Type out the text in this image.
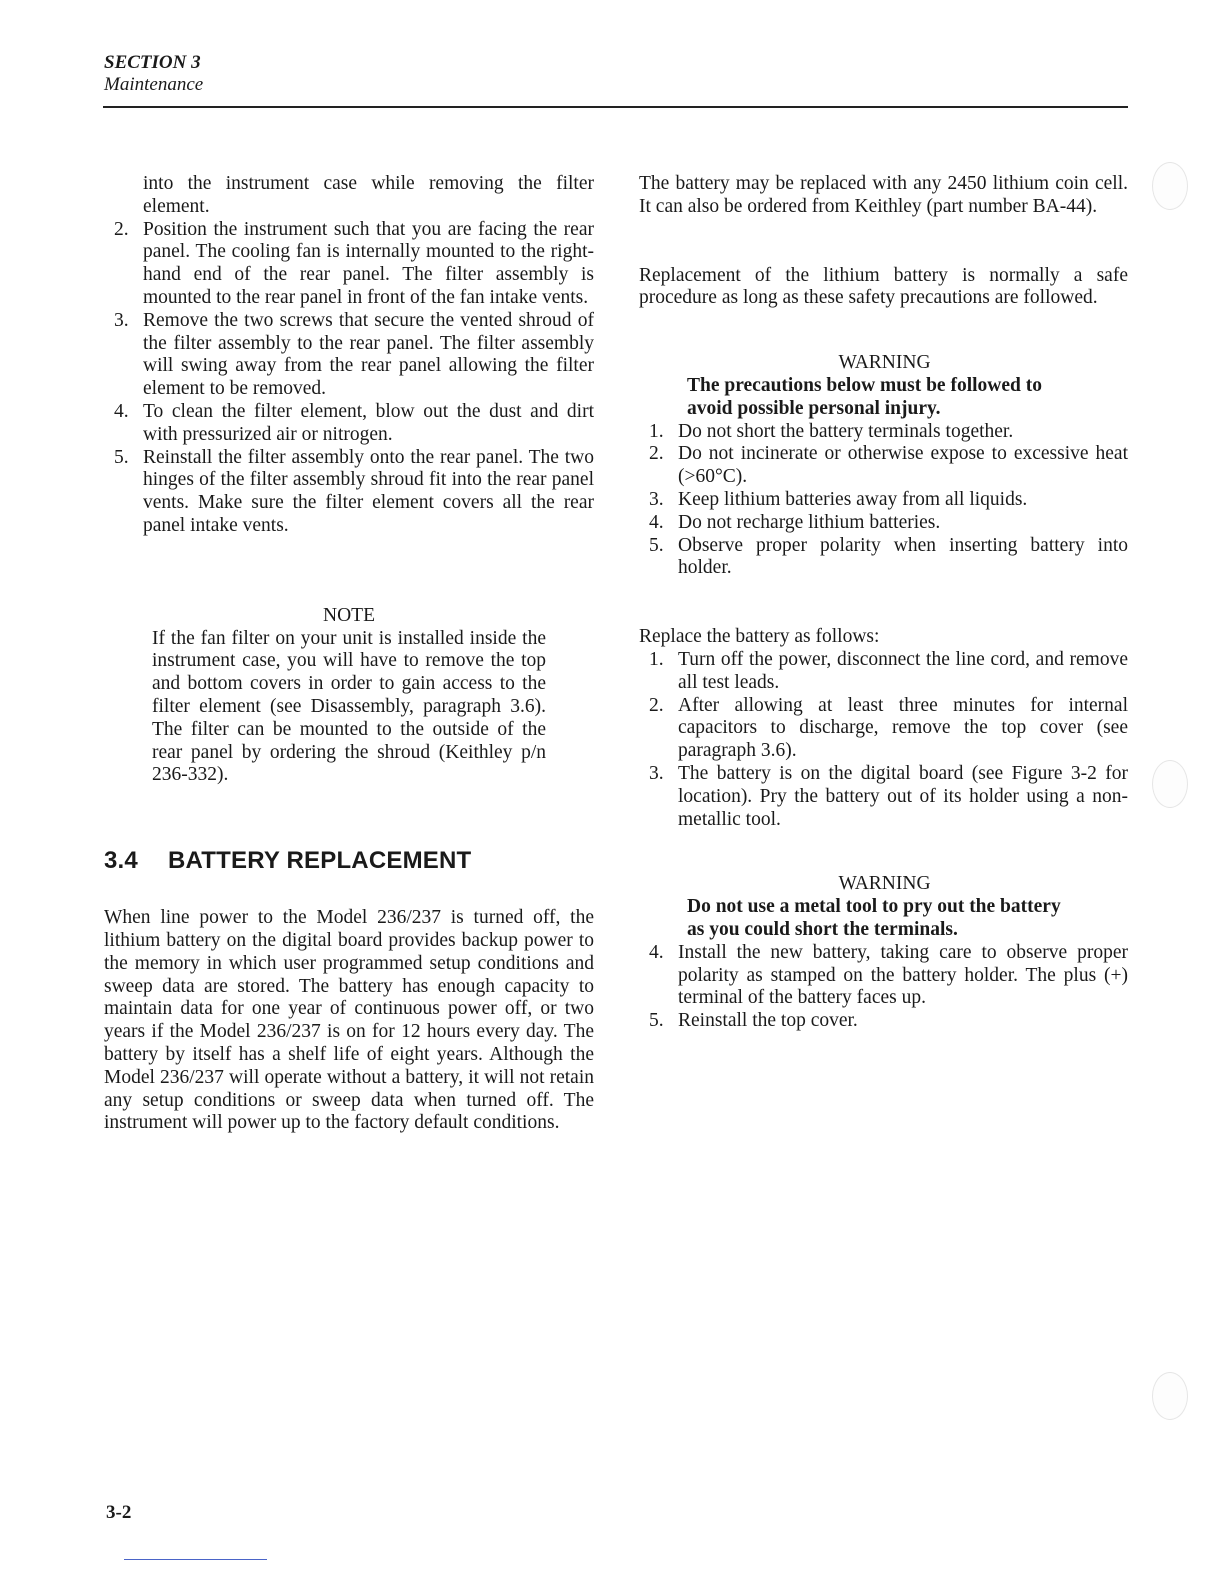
SECTION 3
Maintenance

into the instrument case while removing the filter element.

2. Position the instrument such that you are facing the rear panel. The cooling fan is internally mounted to the right-hand end of the rear panel. The filter assembly is mounted to the rear panel in front of the fan intake vents.
3. Remove the two screws that secure the vented shroud of the filter assembly to the rear panel. The filter assembly will swing away from the rear panel allowing the filter element to be removed.
4. To clean the filter element, blow out the dust and dirt with pressurized air or nitrogen.
5. Reinstall the filter assembly onto the rear panel. The two hinges of the filter assembly shroud fit into the rear panel vents. Make sure the filter element covers all the rear panel intake vents.
NOTE

If the fan filter on your unit is installed inside the instrument case, you will have to remove the top and bottom covers in order to gain access to the filter element (see Disassembly, paragraph 3.6). The filter can be mounted to the outside of the rear panel by ordering the shroud (Keithley p/n 236-332).

3.4 BATTERY REPLACEMENT

When line power to the Model 236/237 is turned off, the lithium battery on the digital board provides backup power to the memory in which user programmed setup conditions and sweep data are stored. The battery has enough capacity to maintain data for one year of continuous power off, or two years if the Model 236/237 is on for 12 hours every day. The battery by itself has a shelf life of eight years. Although the Model 236/237 will operate without a battery, it will not retain any setup conditions or sweep data when turned off. The instrument will power up to the factory default conditions.

The battery may be replaced with any 2450 lithium coin cell. It can also be ordered from Keithley (part number BA-44).

Replacement of the lithium battery is normally a safe procedure as long as these safety precautions are followed.

WARNING
The precautions below must be followed to avoid possible personal injury.
1. Do not short the battery terminals together.
2. Do not incinerate or otherwise expose to excessive heat (>60°C).
3. Keep lithium batteries away from all liquids.
4. Do not recharge lithium batteries.
5. Observe proper polarity when inserting battery into holder.

Replace the battery as follows:

1. Turn off the power, disconnect the line cord, and remove all test leads.
2. After allowing at least three minutes for internal capacitors to discharge, remove the top cover (see paragraph 3.6).
3. The battery is on the digital board (see Figure 3-2 for location). Pry the battery out of its holder using a non-metallic tool.
WARNING
Do not use a metal tool to pry out the battery as you could short the terminals.
4. Install the new battery, taking care to observe proper polarity as stamped on the battery holder. The plus (+) terminal of the battery faces up.
5. Reinstall the top cover.
3-2
